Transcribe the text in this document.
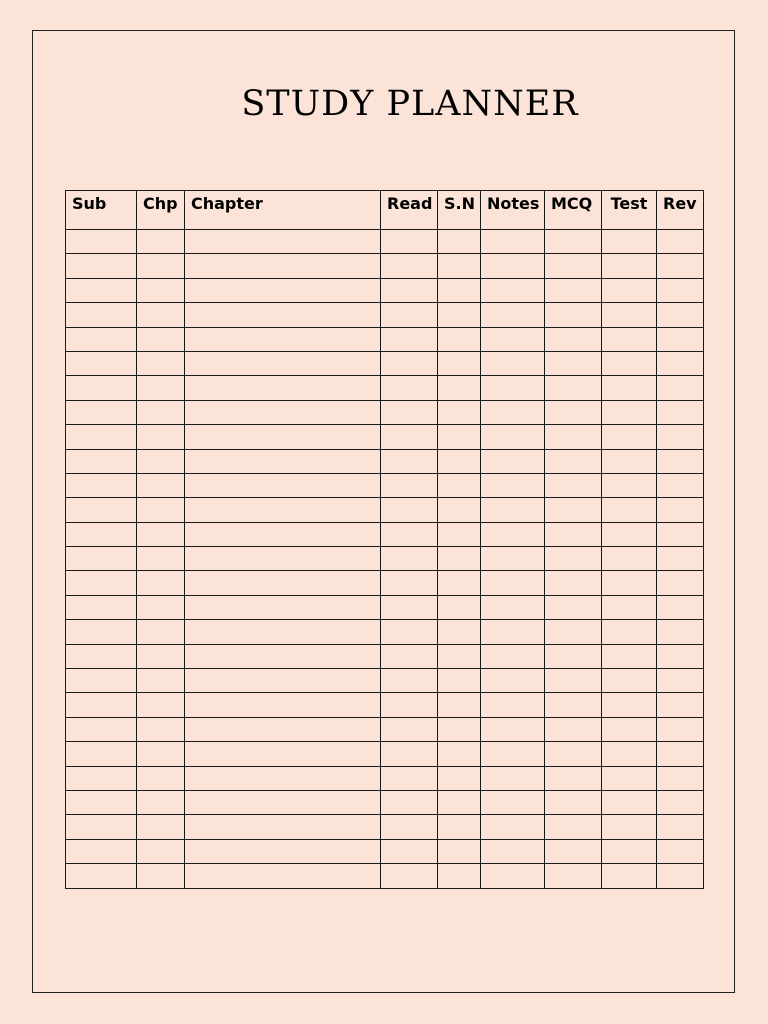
STUDY PLANNER
Sub	Chp	Chapter	Read	S.N	Notes	MCQ	Test	Rev
